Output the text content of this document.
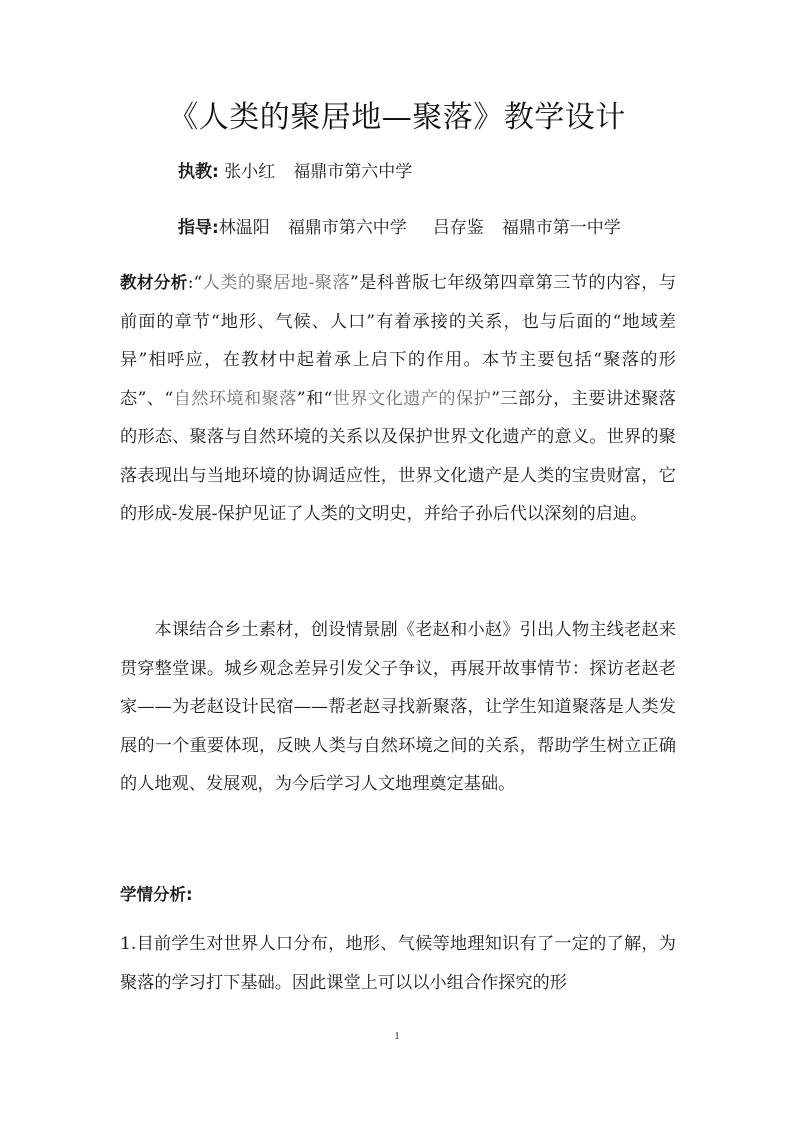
《人类的聚居地—聚落》教学设计
执教: 张小红 福鼎市第六中学
指导:林温阳 福鼎市第六中学 吕存鉴 福鼎市第一中学
教材分析:“人类的聚居地-聚落”是科普版七年级第四章第三节的内容，与前面的章节“地形、气候、人口”有着承接的关系，也与后面的“地域差异”相呼应，在教材中起着承上启下的作用。本节主要包括“聚落的形态”、“自然环境和聚落”和“世界文化遗产的保护”三部分，主要讲述聚落的形态、聚落与自然环境的关系以及保护世界文化遗产的意义。世界的聚落表现出与当地环境的协调适应性，世界文化遗产是人类的宝贵财富，它的形成-发展-保护见证了人类的文明史，并给子孙后代以深刻的启迪。
本课结合乡土素材，创设情景剧《老赵和小赵》引出人物主线老赵来贯穿整堂课。城乡观念差异引发父子争议，再展开故事情节：探访老赵老家——为老赵设计民宿——帮老赵寻找新聚落，让学生知道聚落是人类发展的一个重要体现，反映人类与自然环境之间的关系，帮助学生树立正确的人地观、发展观，为今后学习人文地理奠定基础。
学情分析:
1.目前学生对世界人口分布，地形、气候等地理知识有了一定的了解，为聚落的学习打下基础。因此课堂上可以以小组合作探究的形
1
